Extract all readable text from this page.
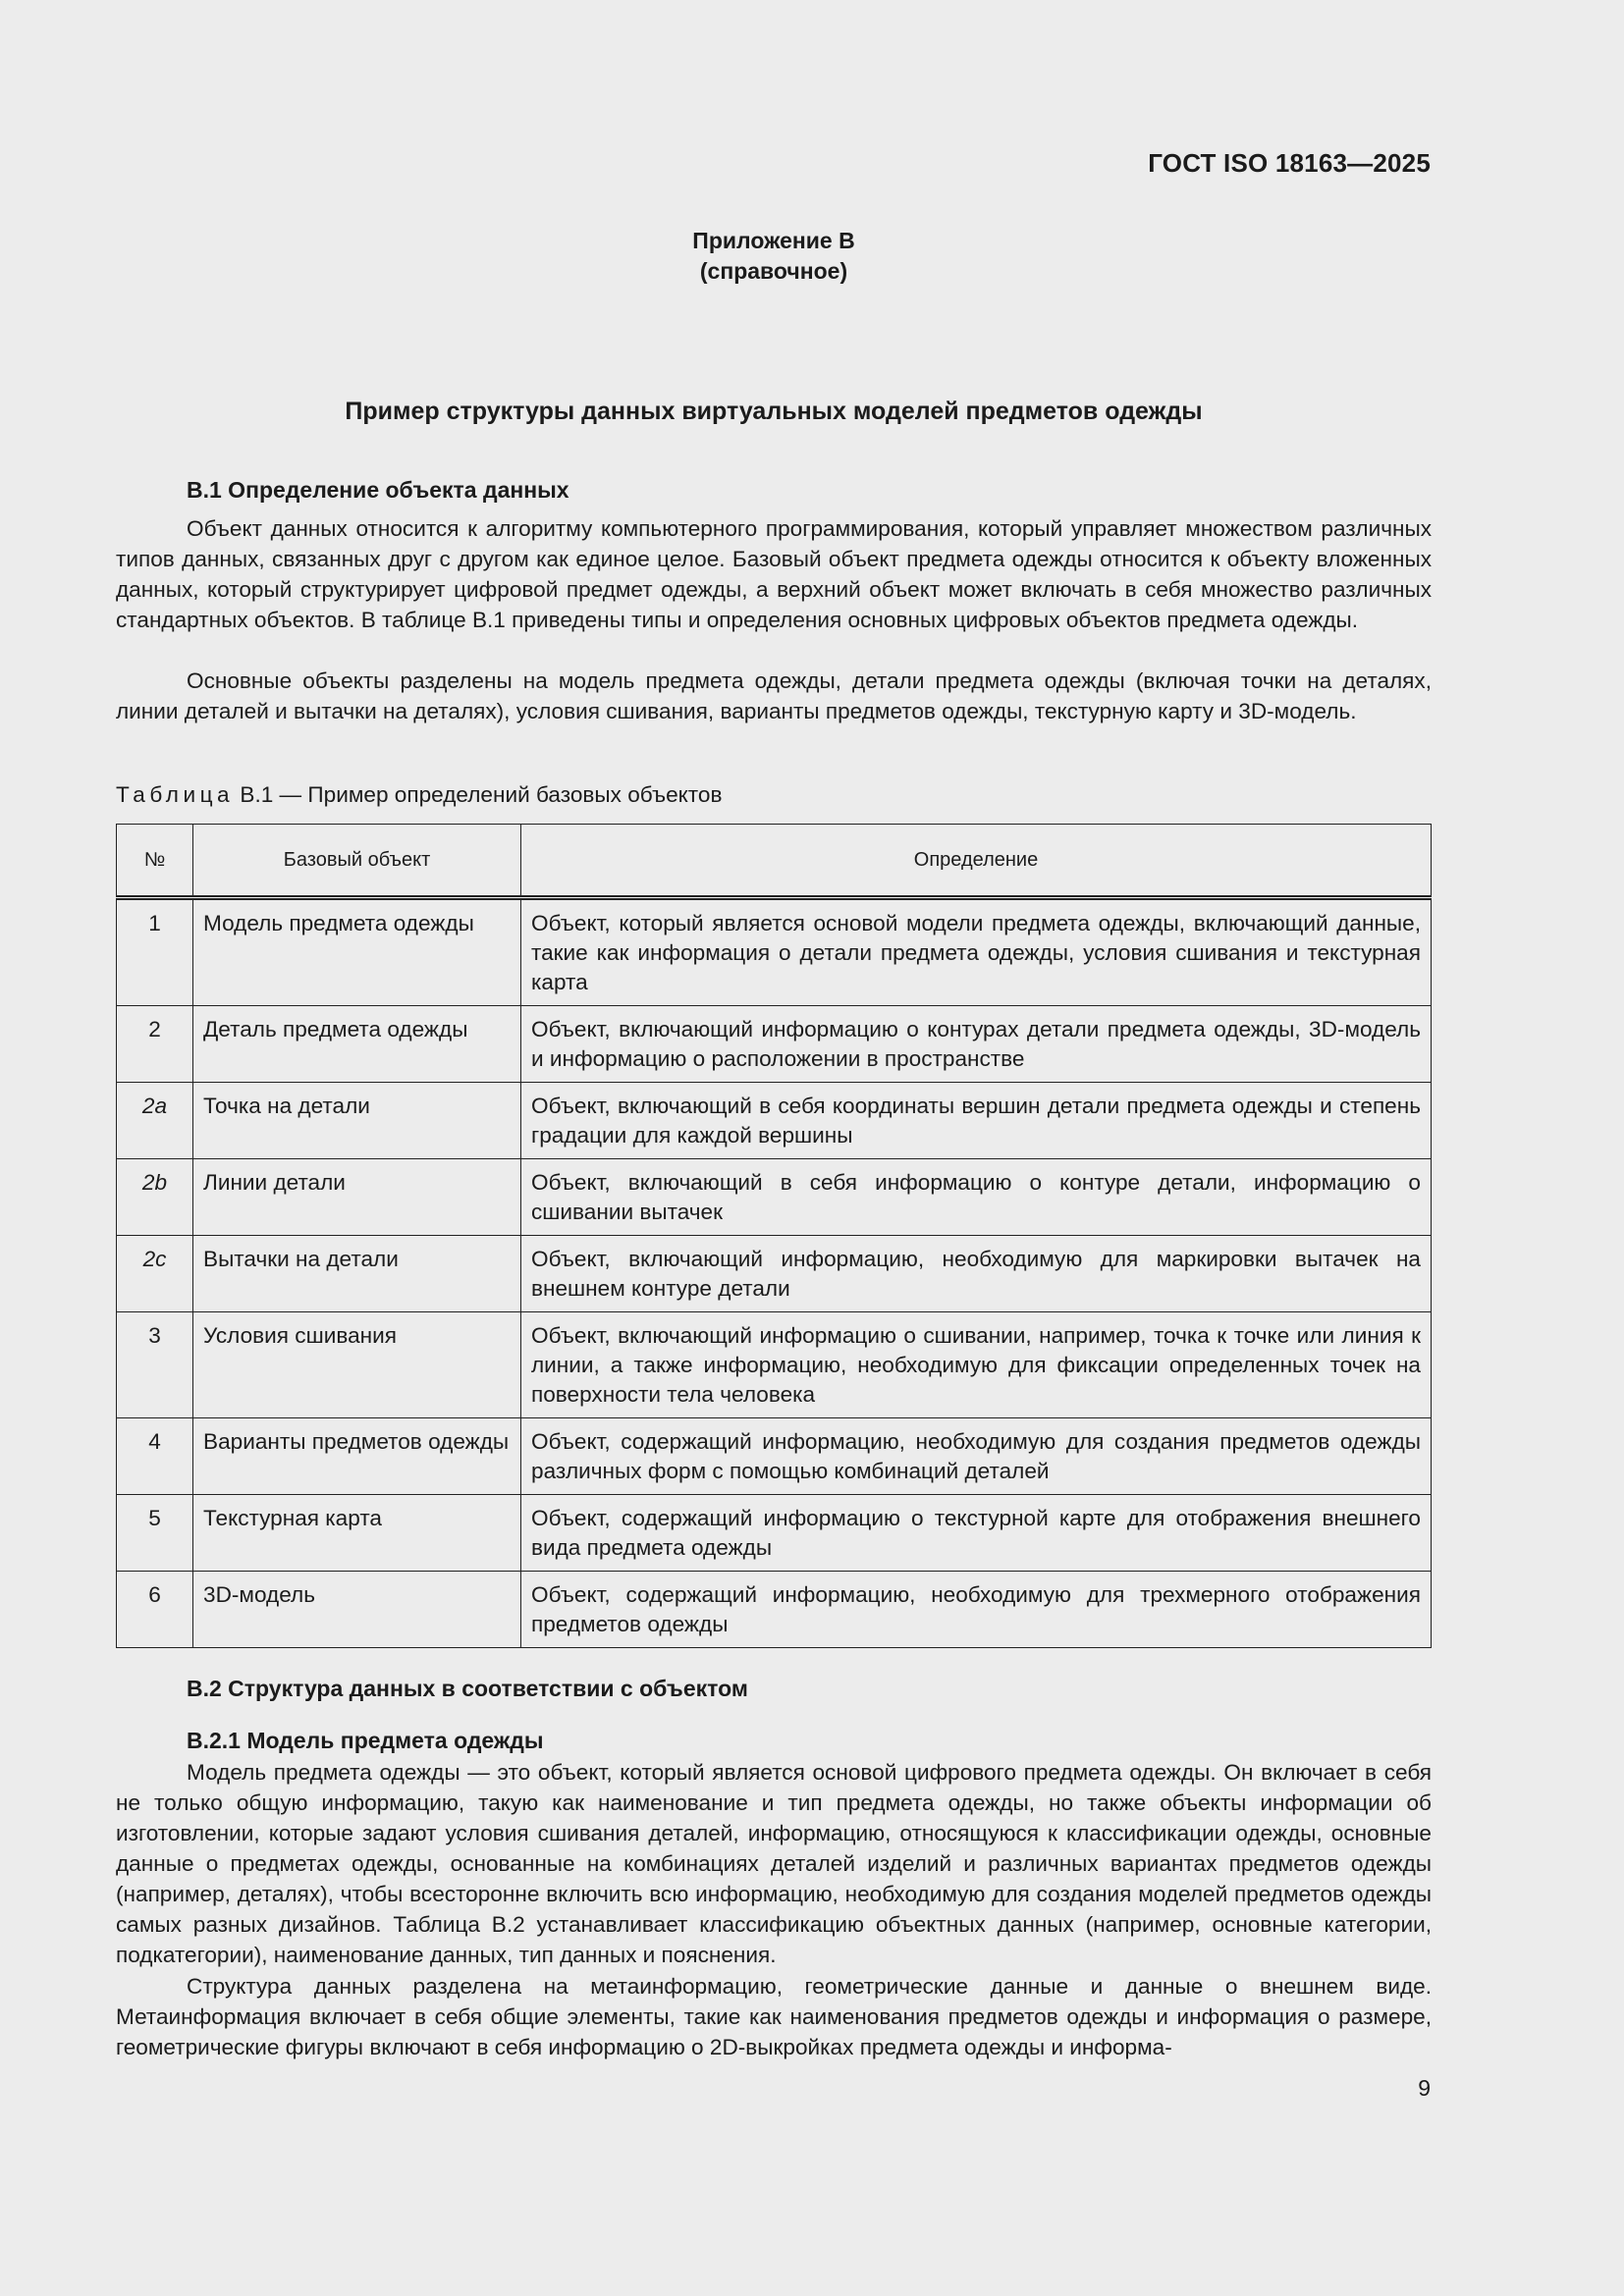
ГОСТ ISO 18163—2025
Приложение В
(справочное)
Пример структуры данных виртуальных моделей предметов одежды
В.1 Определение объекта данных

Объект данных относится к алгоритму компьютерного программирования, который управляет множеством различных типов данных, связанных друг с другом как единое целое. Базовый объект предмета одежды относится к объекту вложенных данных, который структурирует цифровой предмет одежды, а верхний объект может включать в себя множество различных стандартных объектов. В таблице В.1 приведены типы и определения основных цифровых объектов предмета одежды.

Основные объекты разделены на модель предмета одежды, детали предмета одежды (включая точки на деталях, линии деталей и вытачки на деталях), условия сшивания, варианты предметов одежды, текстурную карту и 3D-модель.

Таблица В.1 — Пример определений базовых объектов
№	Базовый объект	Определение
1	Модель предмета одежды	Объект, который является основой модели предмета одежды, включающий данные, такие как информация о детали предмета одежды, условия сшивания и текстурная карта
2	Деталь предмета одежды	Объект, включающий информацию о контурах детали предмета одежды, 3D-модель и информацию о расположении в пространстве
2a	Точка на детали	Объект, включающий в себя координаты вершин детали предмета одежды и степень градации для каждой вершины
2b	Линии детали	Объект, включающий в себя информацию о контуре детали, информацию о сшивании вытачек
2c	Вытачки на детали	Объект, включающий информацию, необходимую для маркировки вытачек на внешнем контуре детали
3	Условия сшивания	Объект, включающий информацию о сшивании, например, точка к точке или линия к линии, а также информацию, необходимую для фиксации определенных точек на поверхности тела человека
4	Варианты предметов одежды	Объект, содержащий информацию, необходимую для создания предметов одежды различных форм с помощью комбинаций деталей
5	Текстурная карта	Объект, содержащий информацию о текстурной карте для отображения внешнего вида предмета одежды
6	3D-модель	Объект, содержащий информацию, необходимую для трехмерного отображения предметов одежды
В.2 Структура данных в соответствии с объектом
В.2.1 Модель предмета одежды

Модель предмета одежды — это объект, который является основой цифрового предмета одежды. Он включает в себя не только общую информацию, такую как наименование и тип предмета одежды, но также объекты информации об изготовлении, которые задают условия сшивания деталей, информацию, относящуюся к классификации одежды, основные данные о предметах одежды, основанные на комбинациях деталей изделий и различных вариантах предметов одежды (например, деталях), чтобы всесторонне включить всю информацию, необходимую для создания моделей предметов одежды самых разных дизайнов. Таблица В.2 устанавливает классификацию объектных данных (например, основные категории, подкатегории), наименование данных, тип данных и пояснения.

Структура данных разделена на метаинформацию, геометрические данные и данные о внешнем виде. Метаинформация включает в себя общие элементы, такие как наименования предметов одежды и информация о размере, геометрические фигуры включают в себя информацию о 2D-выкройках предмета одежды и информа-

9
